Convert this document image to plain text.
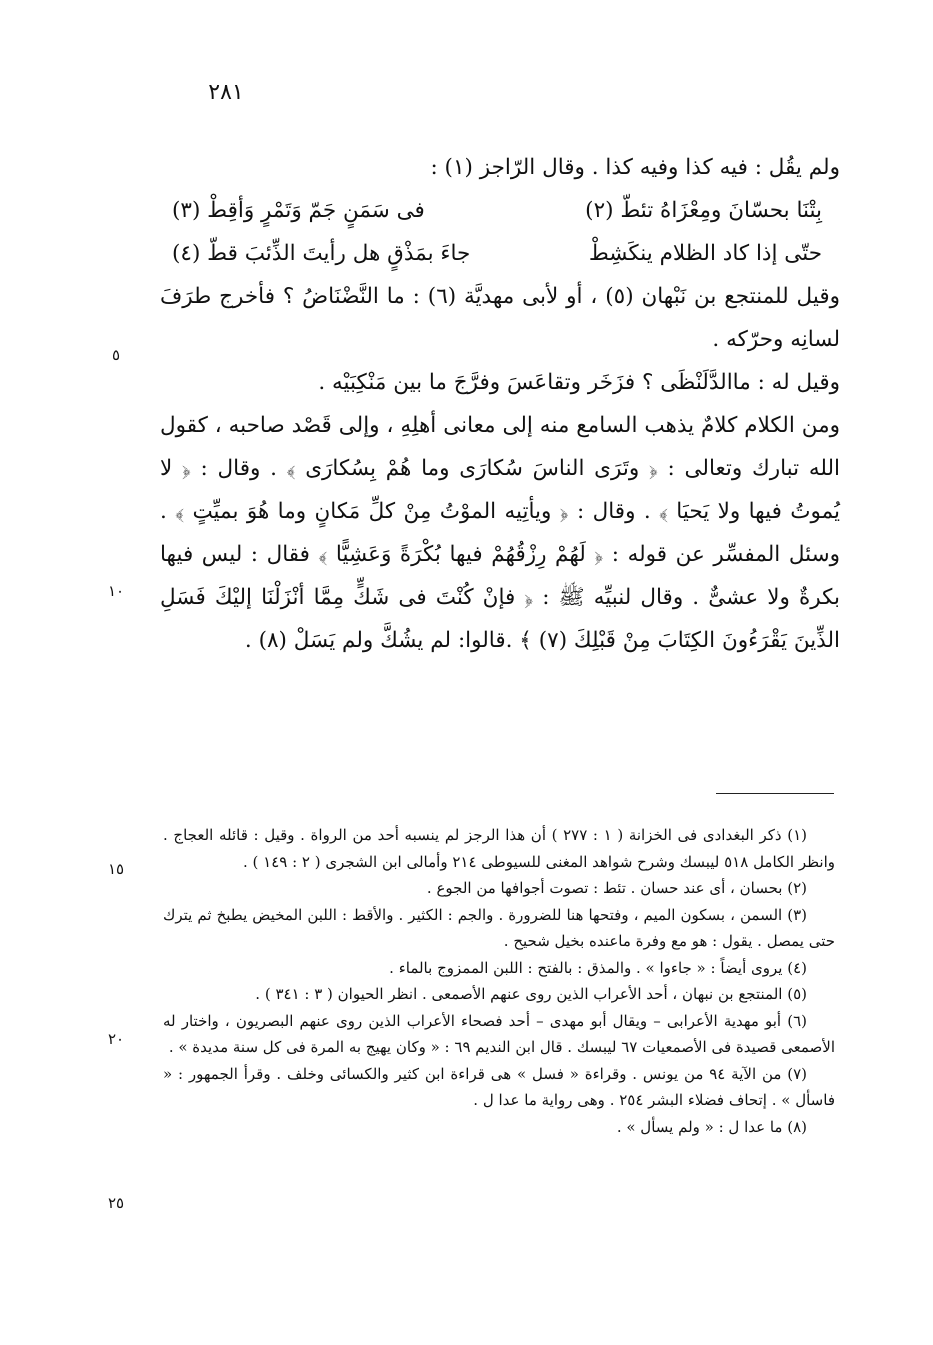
٢٨١
ولم يقُل : فيه كذا وفيه كذا . وقال الرّاجز (١) :
بِتْنَا بحسّانَ ومِعْزَاهُ تئطّ (٢)
فى سَمَنٍ جَمّ وَتَمْرٍ وَأقِطْ (٣)
حتّى إذا كاد الظلام ينكَشِطْ
جاءَ بمَذْقٍ هل رأيتَ الذِّئبَ قطّ (٤)
وقيل للمنتجع بن نَبْهان (٥) ، أو لأبى مهديَّة (٦) : ما النَّضْنَاضُ ؟ فأخرج طرَفَ لسانِه وحرّكه .
وقيل له : ماالدَّلَنْظَى ؟ فزَخَر وتقاعَسَ وفرَّجَ ما بين مَنْكِبَيْه .
ومن الكلام كلامٌ يذهب السامع منه إلى معانى أهلِهِ ، وإلى قَصْد صاحبه ، كقول الله تبارك وتعالى : ﴿ وتَرَى الناسَ سُكارَى وما هُمْ بِسُكارَى ﴾ . وقال : ﴿ لا يُموتُ فيها ولا يَحيَا ﴾ . وقال : ﴿ ويأتِيه الموْتُ مِنْ كلِّ مَكانٍ وما هُوَ بميِّتٍ ﴾ . وسئل المفسِّر عن قوله : ﴿ لَهُمْ رِزْقُهُمْ فيها بُكْرَةً وَعَشِيًّا ﴾ فقال : ليس فيها بكرةٌ ولا عشىٌّ . وقال لنبيِّه ﷺ : ﴿ فإنْ كُنْتَ فى شَكٍّ مِمَّا أنْزَلْنَا إليْكَ فَسَلِ الذِّينَ يَقْرَءُونَ الكِتَابَ مِنْ قَبْلِكَ (٧) ﴾ .قالوا: لم يشُكَّ ولم يَسَلْ (٨) .

(١) ذكر البغدادى فى الخزانة ( ١ : ٢٧٧ ) أن هذا الرجز لم ينسبه أحد من الرواة . وقيل : قائله العجاج . وانظر الكامل ٥١٨ ليبسك وشرح شواهد المغنى للسيوطى ٢١٤ وأمالى ابن الشجرى ( ٢ : ١٤٩ ) .

(٢) بحسان ، أى عند حسان . تئط : تصوت أجوافها من الجوع .

(٣) السمن ، بسكون الميم ، وفتحها هنا للضرورة . والجم : الكثير . والأقط : اللبن المخيض يطبخ ثم يترك حتى يمصل . يقول : هو مع وفرة ماعنده بخيل شحيح .

(٤) يروى أيضاً : « جاءوا » . والمذق : بالفتح : اللبن الممزوج بالماء .

(٥) المنتجع بن نبهان ، أحد الأعراب الذين روى عنهم الأصمعى . انظر الحيوان ( ٣ : ٣٤١ ) .

(٦) أبو مهدية الأعرابى – ويقال أبو مهدى – أحد فصحاء الأعراب الذين روى عنهم البصريون ، واختار له الأصمعى قصيدة فى الأصمعيات ٦٧ ليبسك . قال ابن النديم ٦٩ : « وكان يهيج به المرة فى كل سنة مديدة » .

(٧) من الآية ٩٤ من يونس . وقراءة « فسل » هى قراءة ابن كثير والكسائى وخلف . وقرأ الجمهور : « فاسأل » . إتحاف فضلاء البشر ٢٥٤ . وهى رواية ما عدا ل .

(٨) ما عدا ل : « ولم يسأل » .

٥
١٠
١٥
٢٠
٢٥
